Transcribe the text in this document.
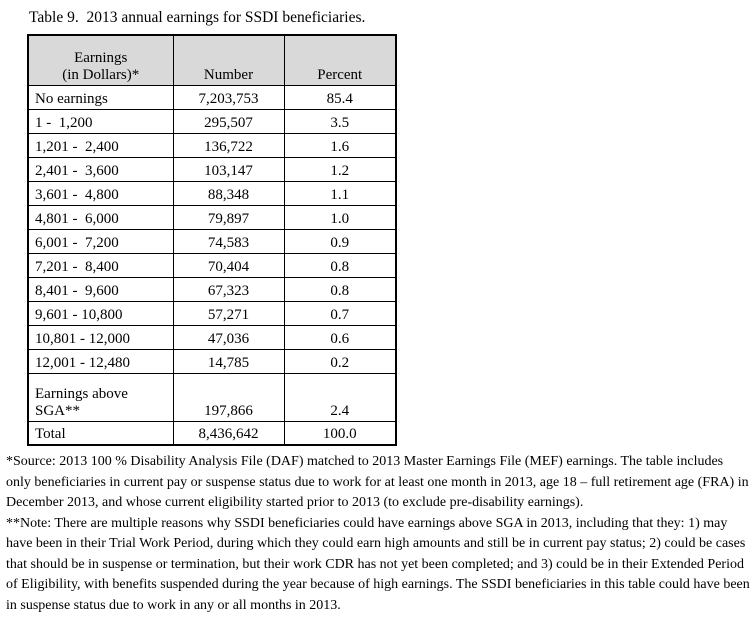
Table 9.  2013 annual earnings for SSDI beneficiaries.
Earnings
(in Dollars)*	Number	Percent
No earnings	7,203,753	85.4
1 -  1,200	295,507	3.5
1,201 -  2,400	136,722	1.6
2,401 -  3,600	103,147	1.2
3,601 -  4,800	88,348	1.1
4,801 -  6,000	79,897	1.0
6,001 -  7,200	74,583	0.9
7,201 -  8,400	70,404	0.8
8,401 -  9,600	67,323	0.8
9,601 - 10,800	57,271	0.7
10,801 - 12,000	47,036	0.6
12,001 - 12,480	14,785	0.2
Earnings above SGA**	197,866	2.4
Total	8,436,642	100.0

*Source: 2013 100 % Disability Analysis File (DAF) matched to 2013 Master Earnings File (MEF) earnings. The table includes only beneficiaries in current pay or suspense status due to work for at least one month in 2013, age 18 – full retirement age (FRA) in December 2013, and whose current eligibility started prior to 2013 (to exclude pre-disability earnings).

**Note: There are multiple reasons why SSDI beneficiaries could have earnings above SGA in 2013, including that they: 1) may have been in their Trial Work Period, during which they could earn high amounts and still be in current pay status; 2) could be cases that should be in suspense or termination, but their work CDR has not yet been completed; and 3) could be in their Extended Period of Eligibility, with benefits suspended during the year because of high earnings. The SSDI beneficiaries in this table could have been in suspense status due to work in any or all months in 2013.
